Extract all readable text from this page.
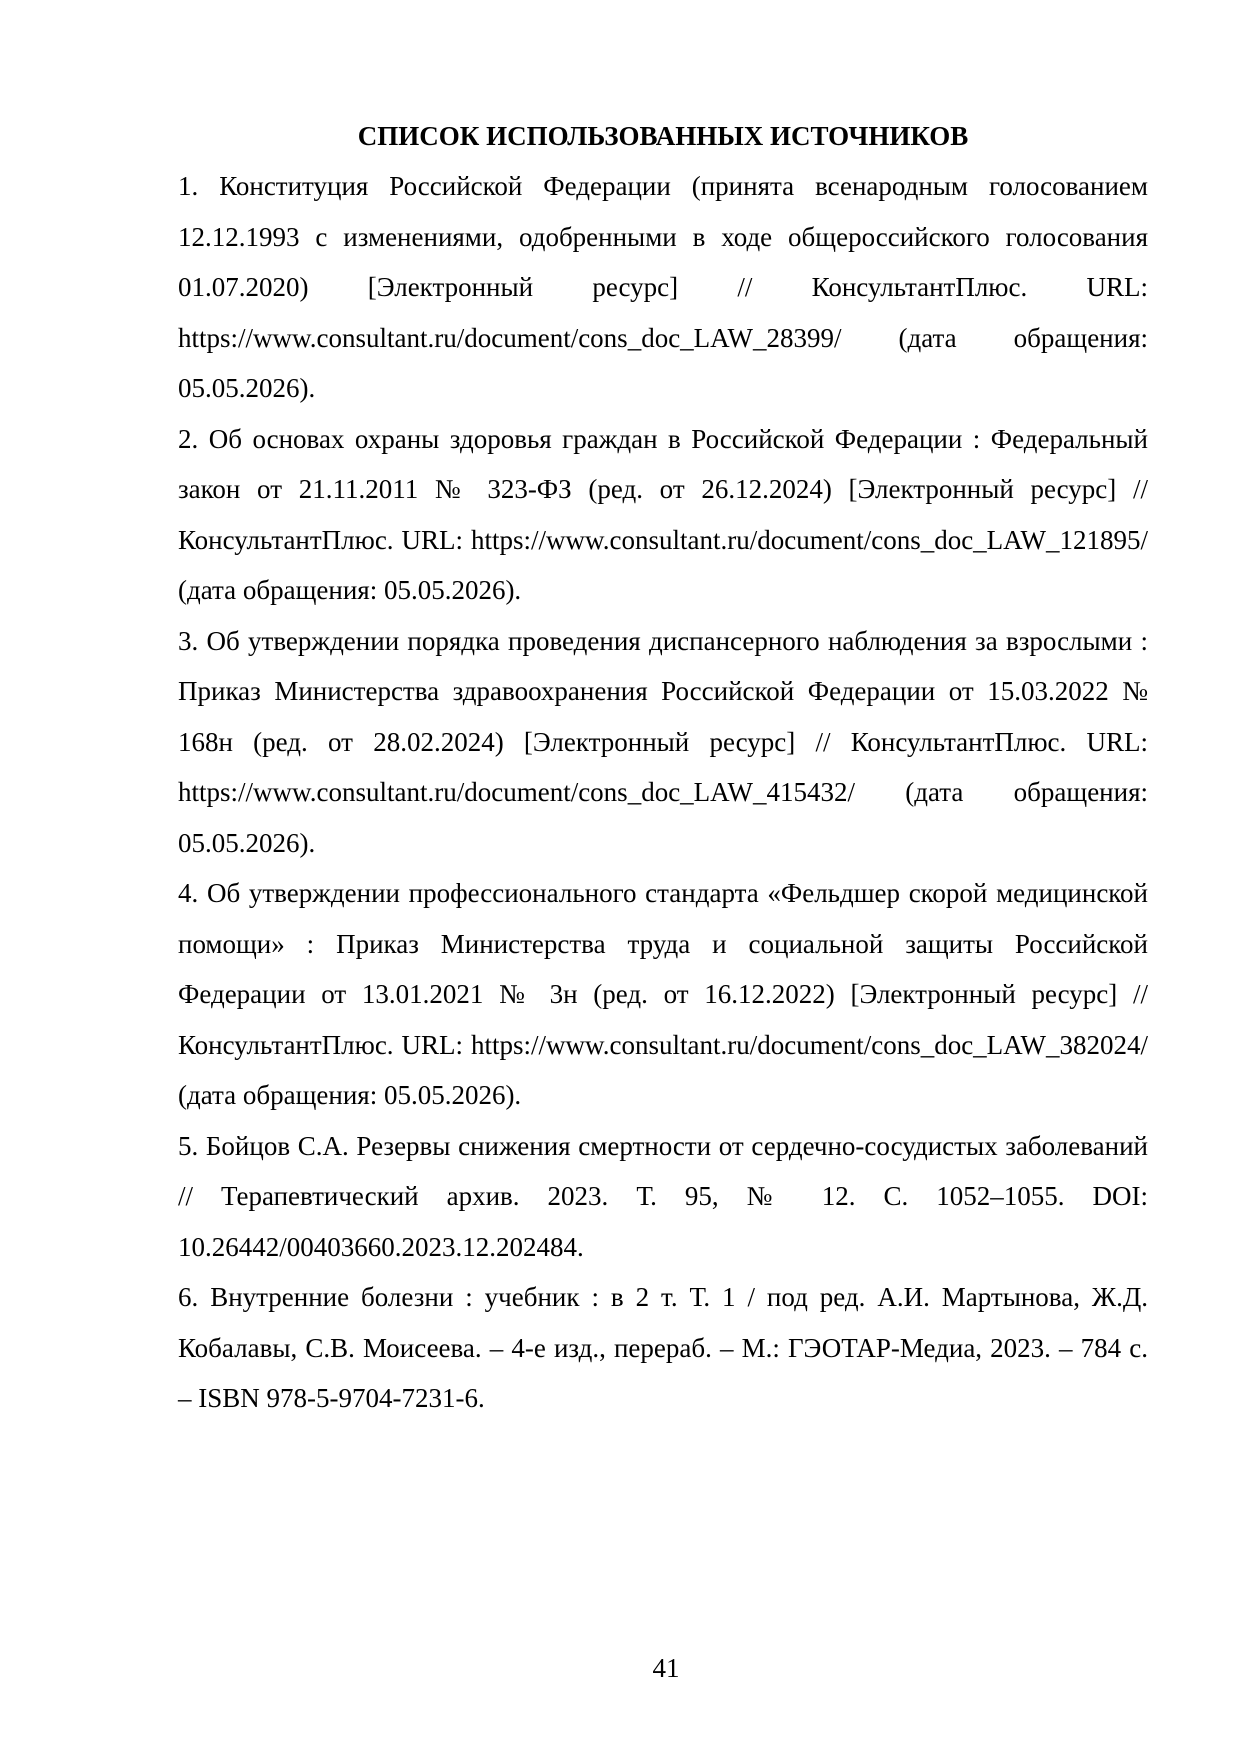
СПИСОК ИСПОЛЬЗОВАННЫХ ИСТОЧНИКОВ
1. Конституция Российской Федерации (принята всенародным голосованием 12.12.1993 с изменениями, одобренными в ходе общероссийского голосования 01.07.2020) [Электронный ресурс] // КонсультантПлюс. URL: https://www.consultant.ru/document/cons_doc_LAW_28399/ (дата обращения: 05.05.2026).
2. Об основах охраны здоровья граждан в Российской Федерации : Федеральный закон от 21.11.2011 № 323-ФЗ (ред. от 26.12.2024) [Электронный ресурс] // КонсультантПлюс. URL: https://www.consultant.ru/document/cons_doc_LAW_121895/ (дата обращения: 05.05.2026).
3. Об утверждении порядка проведения диспансерного наблюдения за взрослыми : Приказ Министерства здравоохранения Российской Федерации от 15.03.2022 № 168н (ред. от 28.02.2024) [Электронный ресурс] // КонсультантПлюс. URL: https://www.consultant.ru/document/cons_doc_LAW_415432/ (дата обращения: 05.05.2026).
4. Об утверждении профессионального стандарта «Фельдшер скорой медицинской помощи» : Приказ Министерства труда и социальной защиты Российской Федерации от 13.01.2021 № 3н (ред. от 16.12.2022) [Электронный ресурс] // КонсультантПлюс. URL: https://www.consultant.ru/document/cons_doc_LAW_382024/ (дата обращения: 05.05.2026).
5. Бойцов С.А. Резервы снижения смертности от сердечно-сосудистых заболеваний // Терапевтический архив. 2023. Т. 95, № 12. С. 1052–1055. DOI: 10.26442/00403660.2023.12.202484.
6. Внутренние болезни : учебник : в 2 т. Т. 1 / под ред. А.И. Мартынова, Ж.Д. Кобалавы, С.В. Моисеева. – 4-е изд., перераб. – М.: ГЭОТАР-Медиа, 2023. – 784 с. – ISBN 978-5-9704-7231-6.
41
